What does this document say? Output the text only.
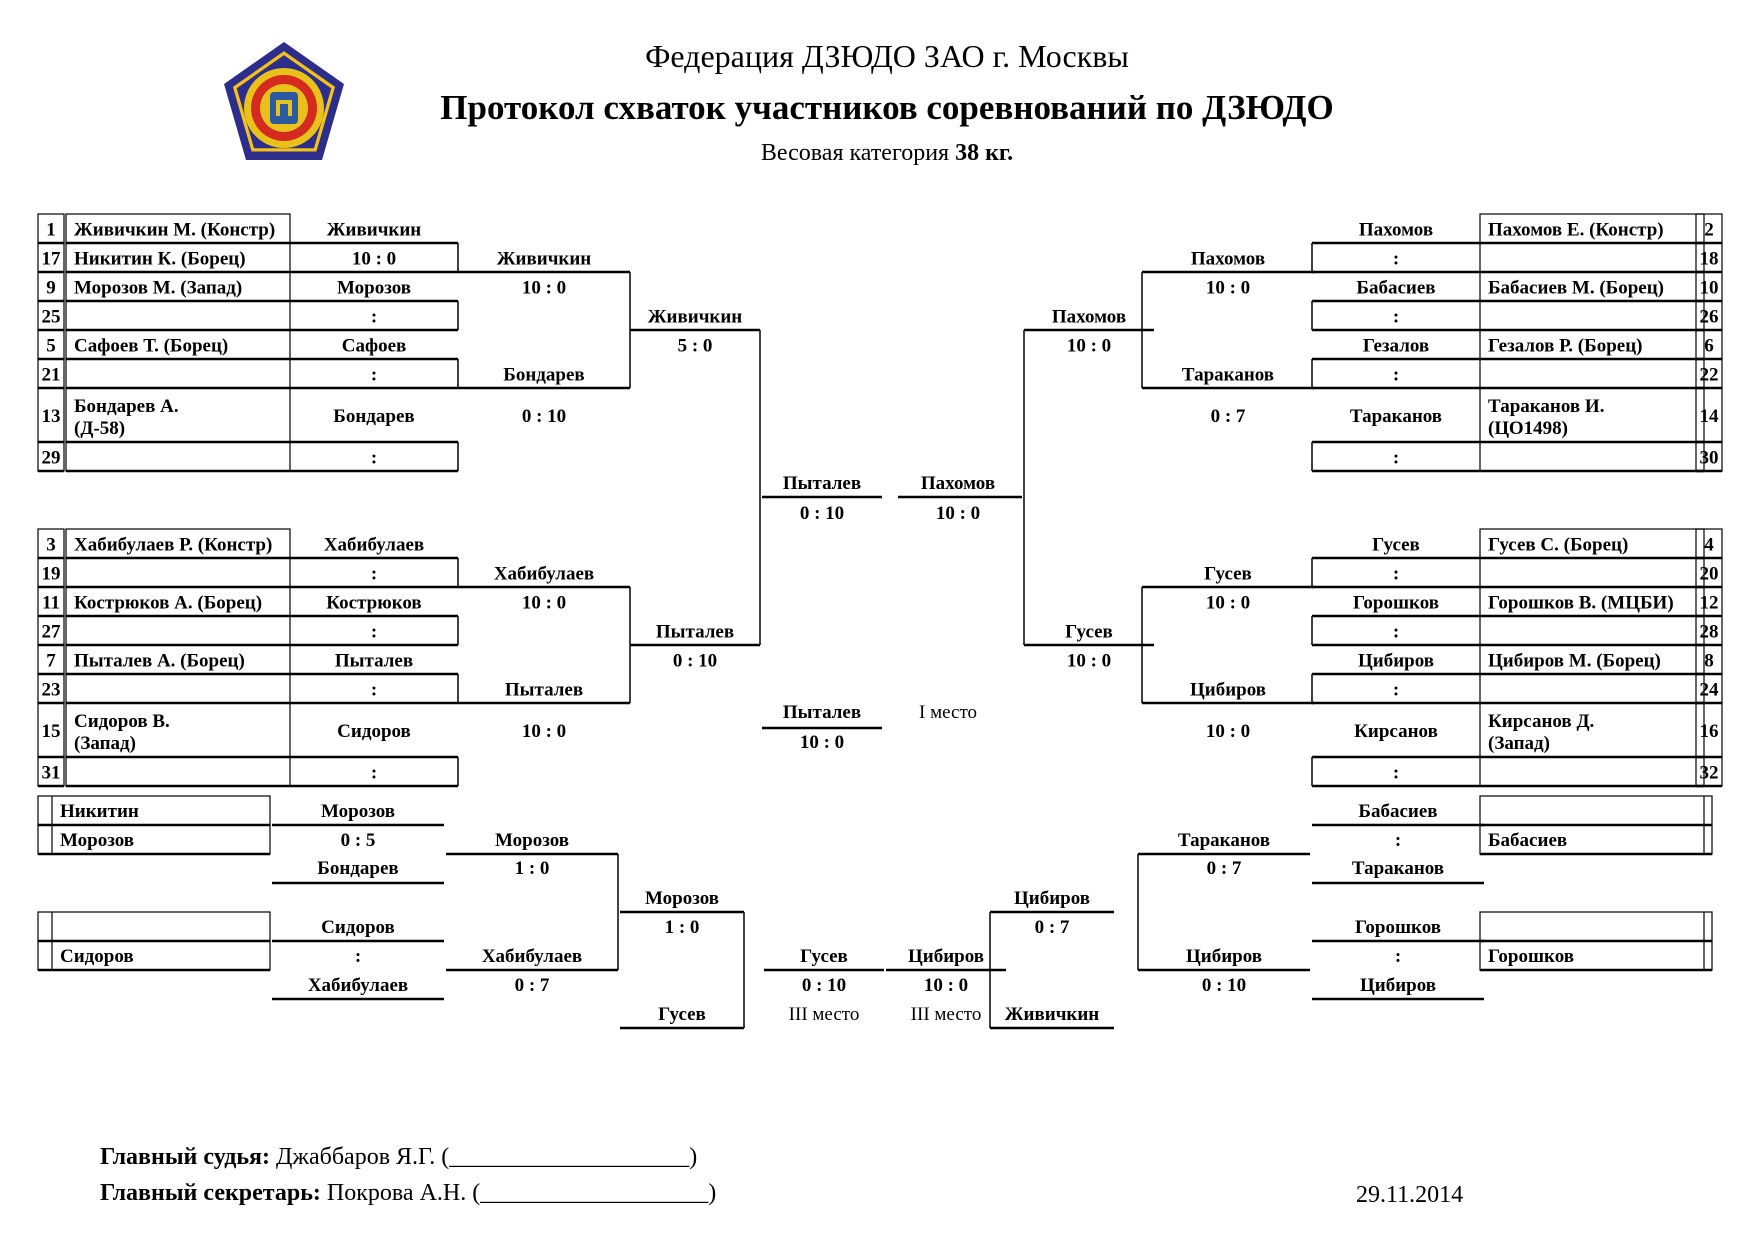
Федерация ДЗЮДО ЗАО г. Москвы
Протокол схваток участников соревнований по ДЗЮДО
Весовая категория 38 кг.
1 Живичкин М. (Констр)
17 Никитин К. (Борец)
9 Морозов М. (Запад)
25
5 Сафоев Т. (Борец)
21
13 Бондарев А. (Д-58)
29
Живичкин
10 : 0
Морозов
:
Сафоев
:
Бондарев
:
Живичкин
10 : 0
Бондарев
0 : 10
Живичкин
5 : 0
3 Хабибулаев Р. (Констр)
19
11 Кострюков А. (Борец)
27
7 Пыталев А. (Борец)
23
15 Сидоров В. (Запад)
31
Хабибулаев
:
Кострюков
:
Пыталев
:
Сидоров
:
Хабибулаев
10 : 0
Пыталев
10 : 0
Пыталев
0 : 10
2
Пахомов Е. (Констр)
18
10
Бабасиев М. (Борец)
26
6
Гезалов Р. (Борец)
22
14
Тараканов И. (ЦО1498)
30
Пахомов
:
Бабасиев
:
Гезалов
:
Тараканов
:
Пахомов
10 : 0
Тараканов
0 : 7
Пахомов
10 : 0
4
Гусев С. (Борец)
20
12
Горошков В. (МЦБИ)
28
8
Цибиров М. (Борец)
24
16
Кирсанов Д. (Запад)
32
Гусев
:
Горошков
:
Цибиров
:
Кирсанов
:
Гусев
10 : 0
Цибиров
10 : 0
Гусев
10 : 0
Пыталев
0 : 10
Пахомов
10 : 0
Пыталев	I место
10 : 0
Никитин
Морозов
Сидоров
Морозов
0 : 5
Бондарев
Сидоров
:
Хабибулаев
Морозов
1 : 0
Хабибулаев
0 : 7
Морозов
1 : 0
Гусев
Гусев
0 : 10
III место
Бабасиев
Горошков
Бабасиев
:
Тараканов
Горошков
:
Цибиров
Тараканов
0 : 7
Цибиров
0 : 10
Цибиров
0 : 7
Живичкин
Цибиров
10 : 0
III место
Главный судья: Джаббаров Я.Г. (____________________)
Главный секретарь: Покрова А.Н. (___________________)	29.11.2014
